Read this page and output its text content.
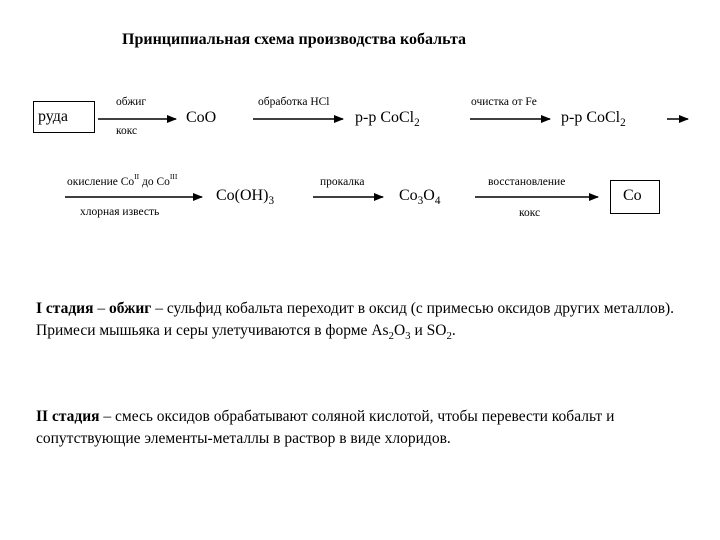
Принципиальная схема производства кобальта
руда
обжиг
кокс
CoO
обработка HCl
р-р CoCl$_2$
очистка от Fe
р-р CoCl$_2$
окисление $Co^{II}$ до $Co^{III}$
хлорная известь
$Co(OH)_3$
прокалка
$Co_3O_4$
восстановление
кокс
Co
I стадия – обжиг – сульфид кобальта переходит в оксид (с примесью оксидов других металлов). Примеси мышьяка и серы улетучиваются в форме $As_2O_3$ и $SO_2$.
II стадия – смесь оксидов обрабатывают соляной кислотой, чтобы перевести кобальт и сопутствующие элементы-металлы в раствор в виде хлоридов.
